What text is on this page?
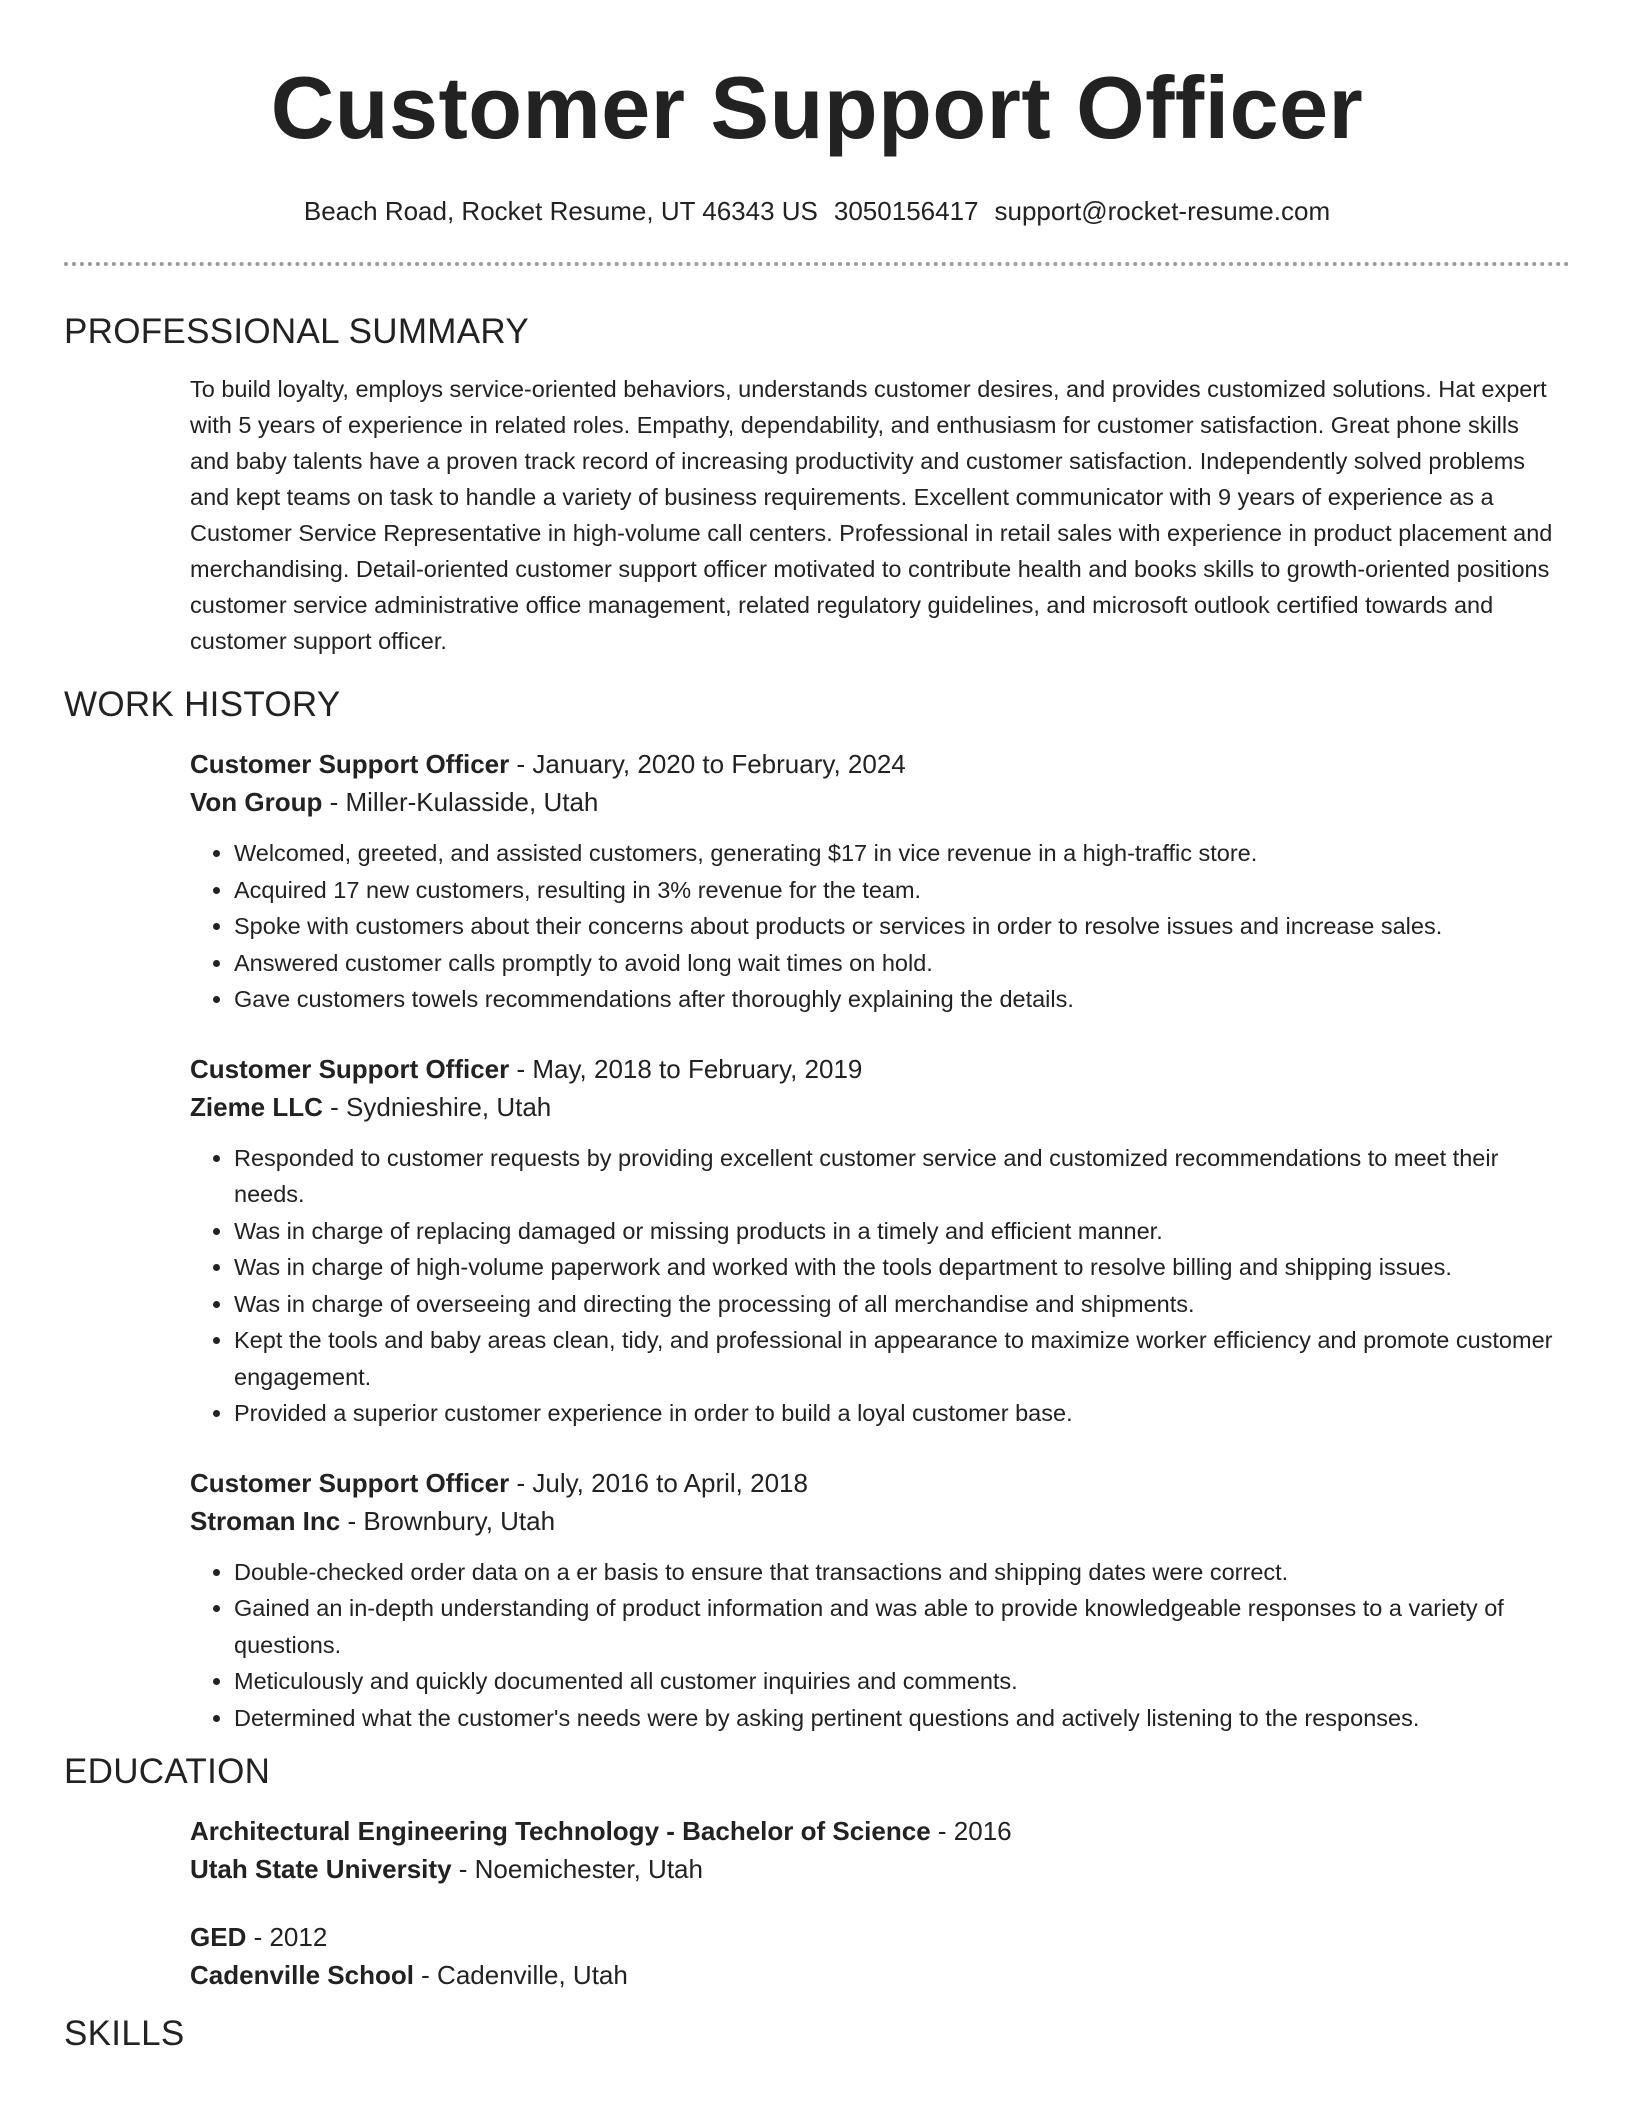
Customer Support Officer
Beach Road, Rocket Resume, UT 46343 US 3050156417 support@rocket-resume.com
PROFESSIONAL SUMMARY

To build loyalty, employs service-oriented behaviors, understands customer desires, and provides customized solutions. Hat expert with 5 years of experience in related roles. Empathy, dependability, and enthusiasm for customer satisfaction. Great phone skills and baby talents have a proven track record of increasing productivity and customer satisfaction. Independently solved problems and kept teams on task to handle a variety of business requirements. Excellent communicator with 9 years of experience as a Customer Service Representative in high-volume call centers. Professional in retail sales with experience in product placement and merchandising. Detail-oriented customer support officer motivated to contribute health and books skills to growth-oriented positions customer service administrative office management, related regulatory guidelines, and microsoft outlook certified towards and customer support officer.

WORK HISTORY
Customer Support Officer - January, 2020 to February, 2024
Von Group - Miller-Kulasside, Utah
• Welcomed, greeted, and assisted customers, generating $17 in vice revenue in a high-traffic store.
• Acquired 17 new customers, resulting in 3% revenue for the team.
• Spoke with customers about their concerns about products or services in order to resolve issues and increase sales.
• Answered customer calls promptly to avoid long wait times on hold.
• Gave customers towels recommendations after thoroughly explaining the details.
Customer Support Officer - May, 2018 to February, 2019
Zieme LLC - Sydnieshire, Utah
• Responded to customer requests by providing excellent customer service and customized recommendations to meet their needs.
• Was in charge of replacing damaged or missing products in a timely and efficient manner.
• Was in charge of high-volume paperwork and worked with the tools department to resolve billing and shipping issues.
• Was in charge of overseeing and directing the processing of all merchandise and shipments.
• Kept the tools and baby areas clean, tidy, and professional in appearance to maximize worker efficiency and promote customer engagement.
• Provided a superior customer experience in order to build a loyal customer base.
Customer Support Officer - July, 2016 to April, 2018
Stroman Inc - Brownbury, Utah
• Double-checked order data on a er basis to ensure that transactions and shipping dates were correct.
• Gained an in-depth understanding of product information and was able to provide knowledgeable responses to a variety of questions.
• Meticulously and quickly documented all customer inquiries and comments.
• Determined what the customer's needs were by asking pertinent questions and actively listening to the responses.
EDUCATION
Architectural Engineering Technology - Bachelor of Science - 2016
Utah State University - Noemichester, Utah
GED - 2012
Cadenville School - Cadenville, Utah
SKILLS
